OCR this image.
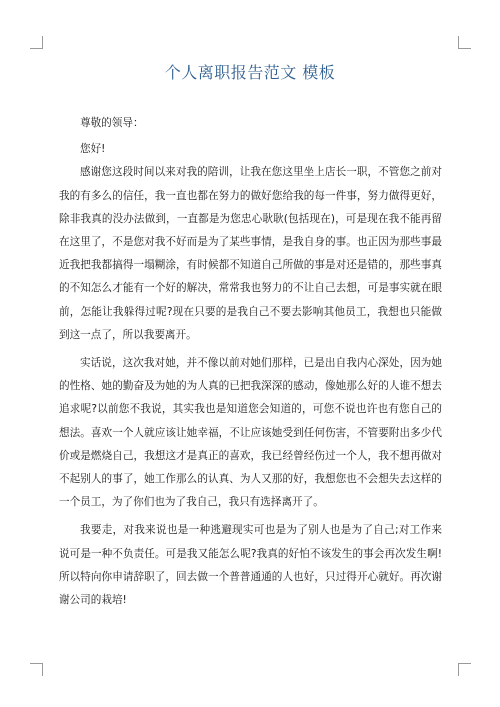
个人离职报告范文 模板

尊敬的领导：

您好!

感谢您这段时间以来对我的陪训，让我在您这里坐上店长一职，不管您之前对我的有多么的信任，我一直也都在努力的做好您给我的每一件事，努力做得更好，除非我真的没办法做到，一直都是为您忠心耿耿(包括现在)，可是现在我不能再留在这里了，不是您对我不好而是为了某些事情，是我自身的事。也正因为那些事最近我把我都搞得一塌糊涂，有时候都不知道自己所做的事是对还是错的，那些事真的不知怎么才能有一个好的解决，常常我也努力的不让自己去想，可是事实就在眼前，怎能让我躲得过呢?现在只要的是我自己不要去影响其他员工，我想也只能做到这一点了，所以我要离开。

实话说，这次我对她，并不像以前对她们那样，已是出自我内心深处，因为她的性格、她的勤奋及为她的为人真的已把我深深的感动，像她那么好的人谁不想去追求呢?以前您不我说，其实我也是知道您会知道的，可您不说也许也有您自己的想法。喜欢一个人就应该让她幸福，不让应该她受到任何伤害，不管要附出多少代价或是燃烧自己，我想这才是真正的喜欢，我已经曾经伤过一个人，我不想再做对不起别人的事了，她工作那么的认真、为人又那的好，我想您也不会想失去这样的一个员工，为了你们也为了我自己，我只有选择离开了。

我要走，对我来说也是一种逃避现实可也是为了别人也是为了自己;对工作来说可是一种不负责任。可是我又能怎么呢?我真的好怕不该发生的事会再次发生啊!所以特向你申请辞职了，回去做一个普普通通的人也好，只过得开心就好。再次谢谢公司的栽培!
